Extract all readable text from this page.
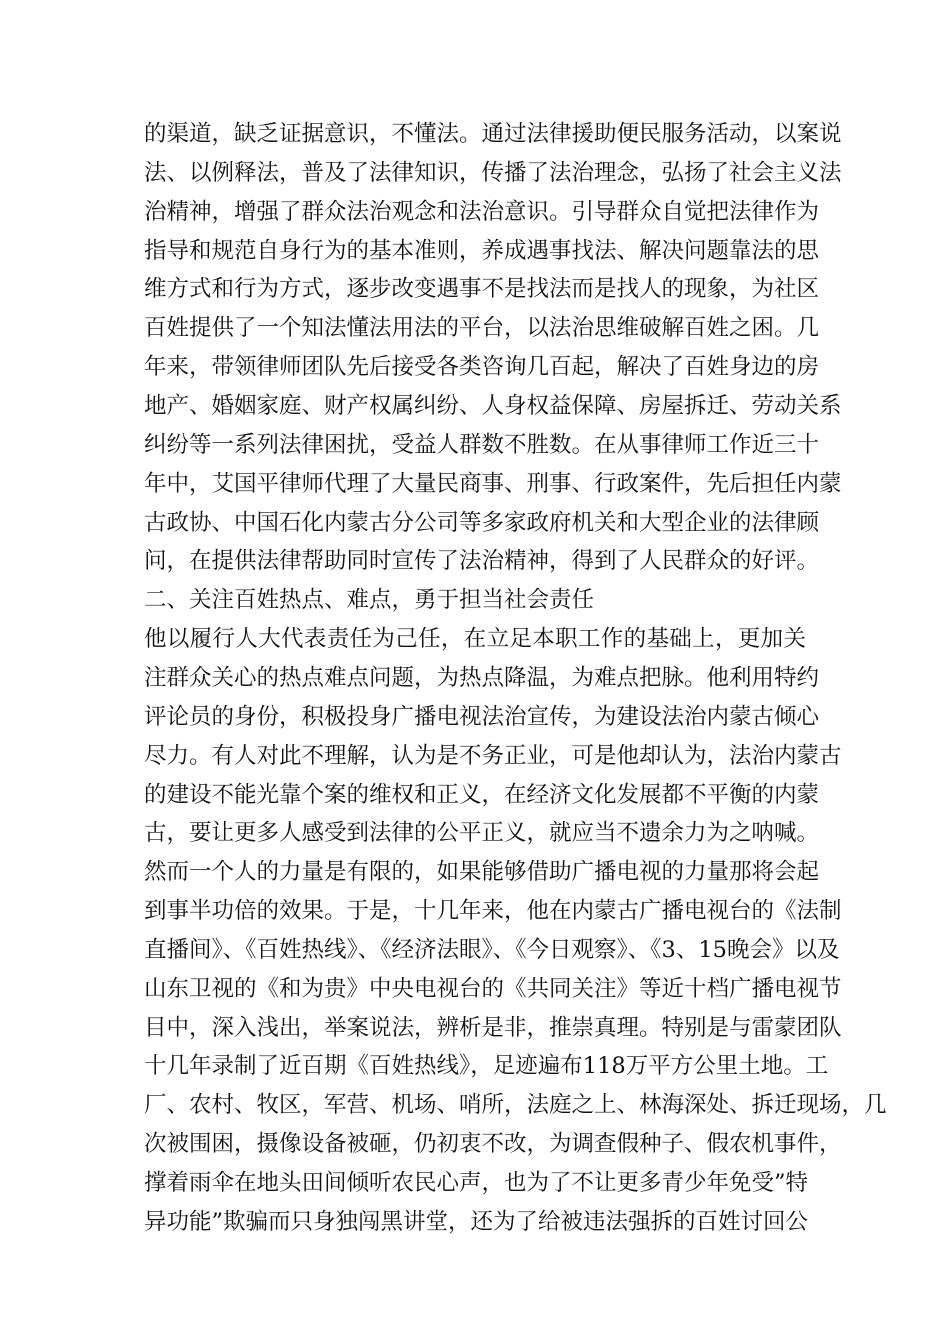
的渠道，缺乏证据意识，不懂法。通过法律援助便民服务活动，以案说
法、以例释法，普及了法律知识，传播了法治理念，弘扬了社会主义法
治精神，增强了群众法治观念和法治意识。引导群众自觉把法律作为
指导和规范自身行为的基本准则，养成遇事找法、解决问题靠法的思
维方式和行为方式，逐步改变遇事不是找法而是找人的现象，为社区
百姓提供了一个知法懂法用法的平台，以法治思维破解百姓之困。几
年来，带领律师团队先后接受各类咨询几百起，解决了百姓身边的房
地产、婚姻家庭、财产权属纠纷、人身权益保障、房屋拆迁、劳动关系
纠纷等一系列法律困扰，受益人群数不胜数。在从事律师工作近三十
年中，艾国平律师代理了大量民商事、刑事、行政案件，先后担任内蒙
古政协、中国石化内蒙古分公司等多家政府机关和大型企业的法律顾
问，在提供法律帮助同时宣传了法治精神，得到了人民群众的好评。
二、关注百姓热点、难点，勇于担当社会责任
他以履行人大代表责任为己任，在立足本职工作的基础上，更加关
注群众关心的热点难点问题，为热点降温，为难点把脉。他利用特约
评论员的身份，积极投身广播电视法治宣传，为建设法治内蒙古倾心
尽力。有人对此不理解，认为是不务正业，可是他却认为，法治内蒙古
的建设不能光靠个案的维权和正义，在经济文化发展都不平衡的内蒙
古，要让更多人感受到法律的公平正义，就应当不遗余力为之呐喊。
然而一个人的力量是有限的，如果能够借助广播电视的力量那将会起
到事半功倍的效果。于是，十几年来，他在内蒙古广播电视台的《法制
直播间》、《百姓热线》、《经济法眼》、《今日观察》、《3、15晚会》以及
山东卫视的《和为贵》中央电视台的《共同关注》等近十档广播电视节
目中，深入浅出，举案说法，辨析是非，推崇真理。特别是与雷蒙团队
十几年录制了近百期《百姓热线》，足迹遍布118万平方公里土地。工
厂、农村、牧区，军营、机场、哨所，法庭之上、林海深处、拆迁现场，几
次被围困，摄像设备被砸，仍初衷不改，为调查假种子、假农机事件，
撑着雨伞在地头田间倾听农民心声，也为了不让更多青少年免受”特
异功能”欺骗而只身独闯黑讲堂，还为了给被违法强拆的百姓讨回公
